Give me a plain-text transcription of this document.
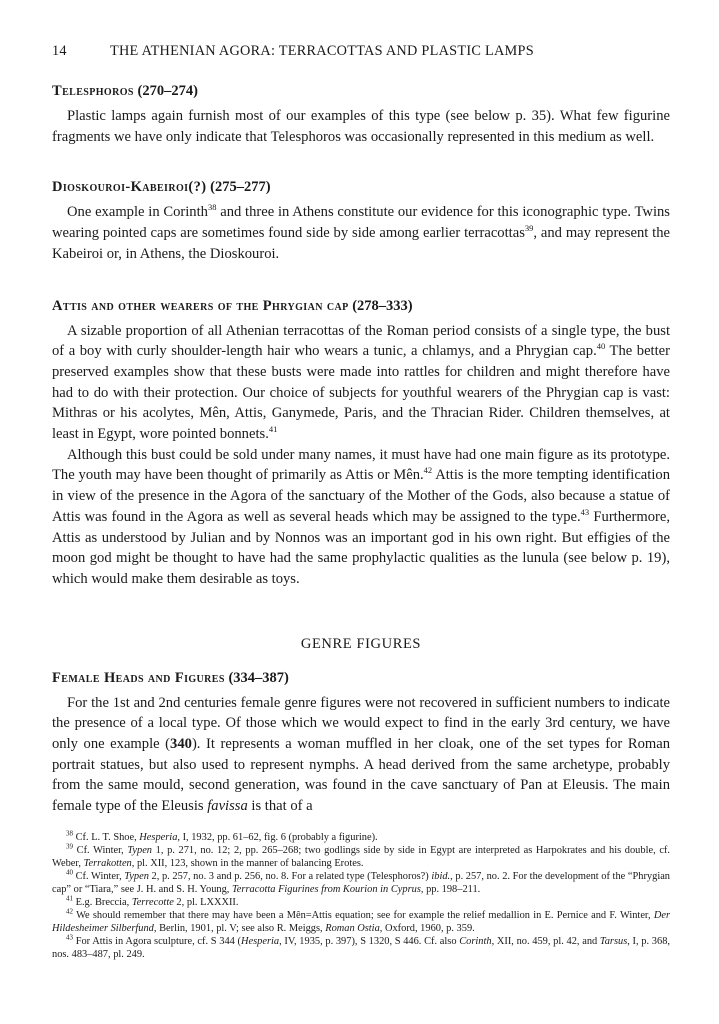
14	THE ATHENIAN AGORA: TERRACOTTAS AND PLASTIC LAMPS
Telesphoros (270–274)

Plastic lamps again furnish most of our examples of this type (see below p. 35). What few figurine fragments we have only indicate that Telesphoros was occasionally represented in this medium as well.

Dioskouroi-Kabeiroi(?) (275–277)

One example in Corinth$^{38}$ and three in Athens constitute our evidence for this iconographic type. Twins wearing pointed caps are sometimes found side by side among earlier terracottas$^{39}$, and may represent the Kabeiroi or, in Athens, the Dioskouroi.

Attis and other wearers of the Phrygian cap (278–333)

A sizable proportion of all Athenian terracottas of the Roman period consists of a single type, the bust of a boy with curly shoulder-length hair who wears a tunic, a chlamys, and a Phrygian cap.$^{40}$ The better preserved examples show that these busts were made into rattles for children and might therefore have had to do with their protection. Our choice of subjects for youthful wearers of the Phrygian cap is vast: Mithras or his acolytes, Mên, Attis, Ganymede, Paris, and the Thracian Rider. Children themselves, at least in Egypt, wore pointed bonnets.$^{41}$

Although this bust could be sold under many names, it must have had one main figure as its prototype. The youth may have been thought of primarily as Attis or Mên.$^{42}$ Attis is the more tempting identification in view of the presence in the Agora of the sanctuary of the Mother of the Gods, also because a statue of Attis was found in the Agora as well as several heads which may be assigned to the type.$^{43}$ Furthermore, Attis as understood by Julian and by Nonnos was an important god in his own right. But effigies of the moon god might be thought to have had the same prophylactic qualities as the lunula (see below p. 19), which would make them desirable as toys.

GENRE FIGURES
Female Heads and Figures (334–387)

For the 1st and 2nd centuries female genre figures were not recovered in sufficient numbers to indicate the presence of a local type. Of those which we would expect to find in the early 3rd century, we have only one example (340). It represents a woman muffled in her cloak, one of the set types for Roman portrait statues, but also used to represent nymphs. A head derived from the same archetype, probably from the same mould, second generation, was found in the cave sanctuary of Pan at Eleusis. The main female type of the Eleusis favissa is that of a

$^{38}$ Cf. L. T. Shoe, Hesperia, I, 1932, pp. 61–62, fig. 6 (probably a figurine).

$^{39}$ Cf. Winter, Typen 1, p. 271, no. 12; 2, pp. 265–268; two godlings side by side in Egypt are interpreted as Harpokrates and his double, cf. Weber, Terrakotten, pl. XII, 123, shown in the manner of balancing Erotes.

$^{40}$ Cf. Winter, Typen 2, p. 257, no. 3 and p. 256, no. 8. For a related type (Telesphoros?) ibid., p. 257, no. 2. For the development of the “Phrygian cap” or “Tiara,” see J. H. and S. H. Young, Terracotta Figurines from Kourion in Cyprus, pp. 198–211.

$^{41}$ E.g. Breccia, Terrecotte 2, pl. LXXXII.

$^{42}$ We should remember that there may have been a Mên=Attis equation; see for example the relief medallion in E. Pernice and F. Winter, Der Hildesheimer Silberfund, Berlin, 1901, pl. V; see also R. Meiggs, Roman Ostia, Oxford, 1960, p. 359.

$^{43}$ For Attis in Agora sculpture, cf. S 344 (Hesperia, IV, 1935, p. 397), S 1320, S 446. Cf. also Corinth, XII, no. 459, pl. 42, and Tarsus, I, p. 368, nos. 483–487, pl. 249.
